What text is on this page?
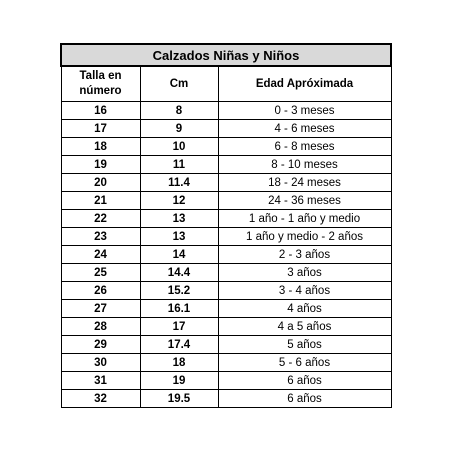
Calzados Niñas y Niños		
Talla en
número	Cm	Edad Apróximada
16	8	0 - 3 meses
17	9	4 - 6 meses
18	10	6 - 8 meses
19	11	8 - 10 meses
20	11.4	18 - 24 meses
21	12	24 - 36 meses
22	13	1 año - 1 año y medio
23	13	1 año y medio - 2 años
24	14	2 - 3 años
25	14.4	3 años
26	15.2	3 - 4 años
27	16.1	4 años
28	17	4 a 5 años
29	17.4	5 años
30	18	5 - 6 años
31	19	6 años
32	19.5	6 años
